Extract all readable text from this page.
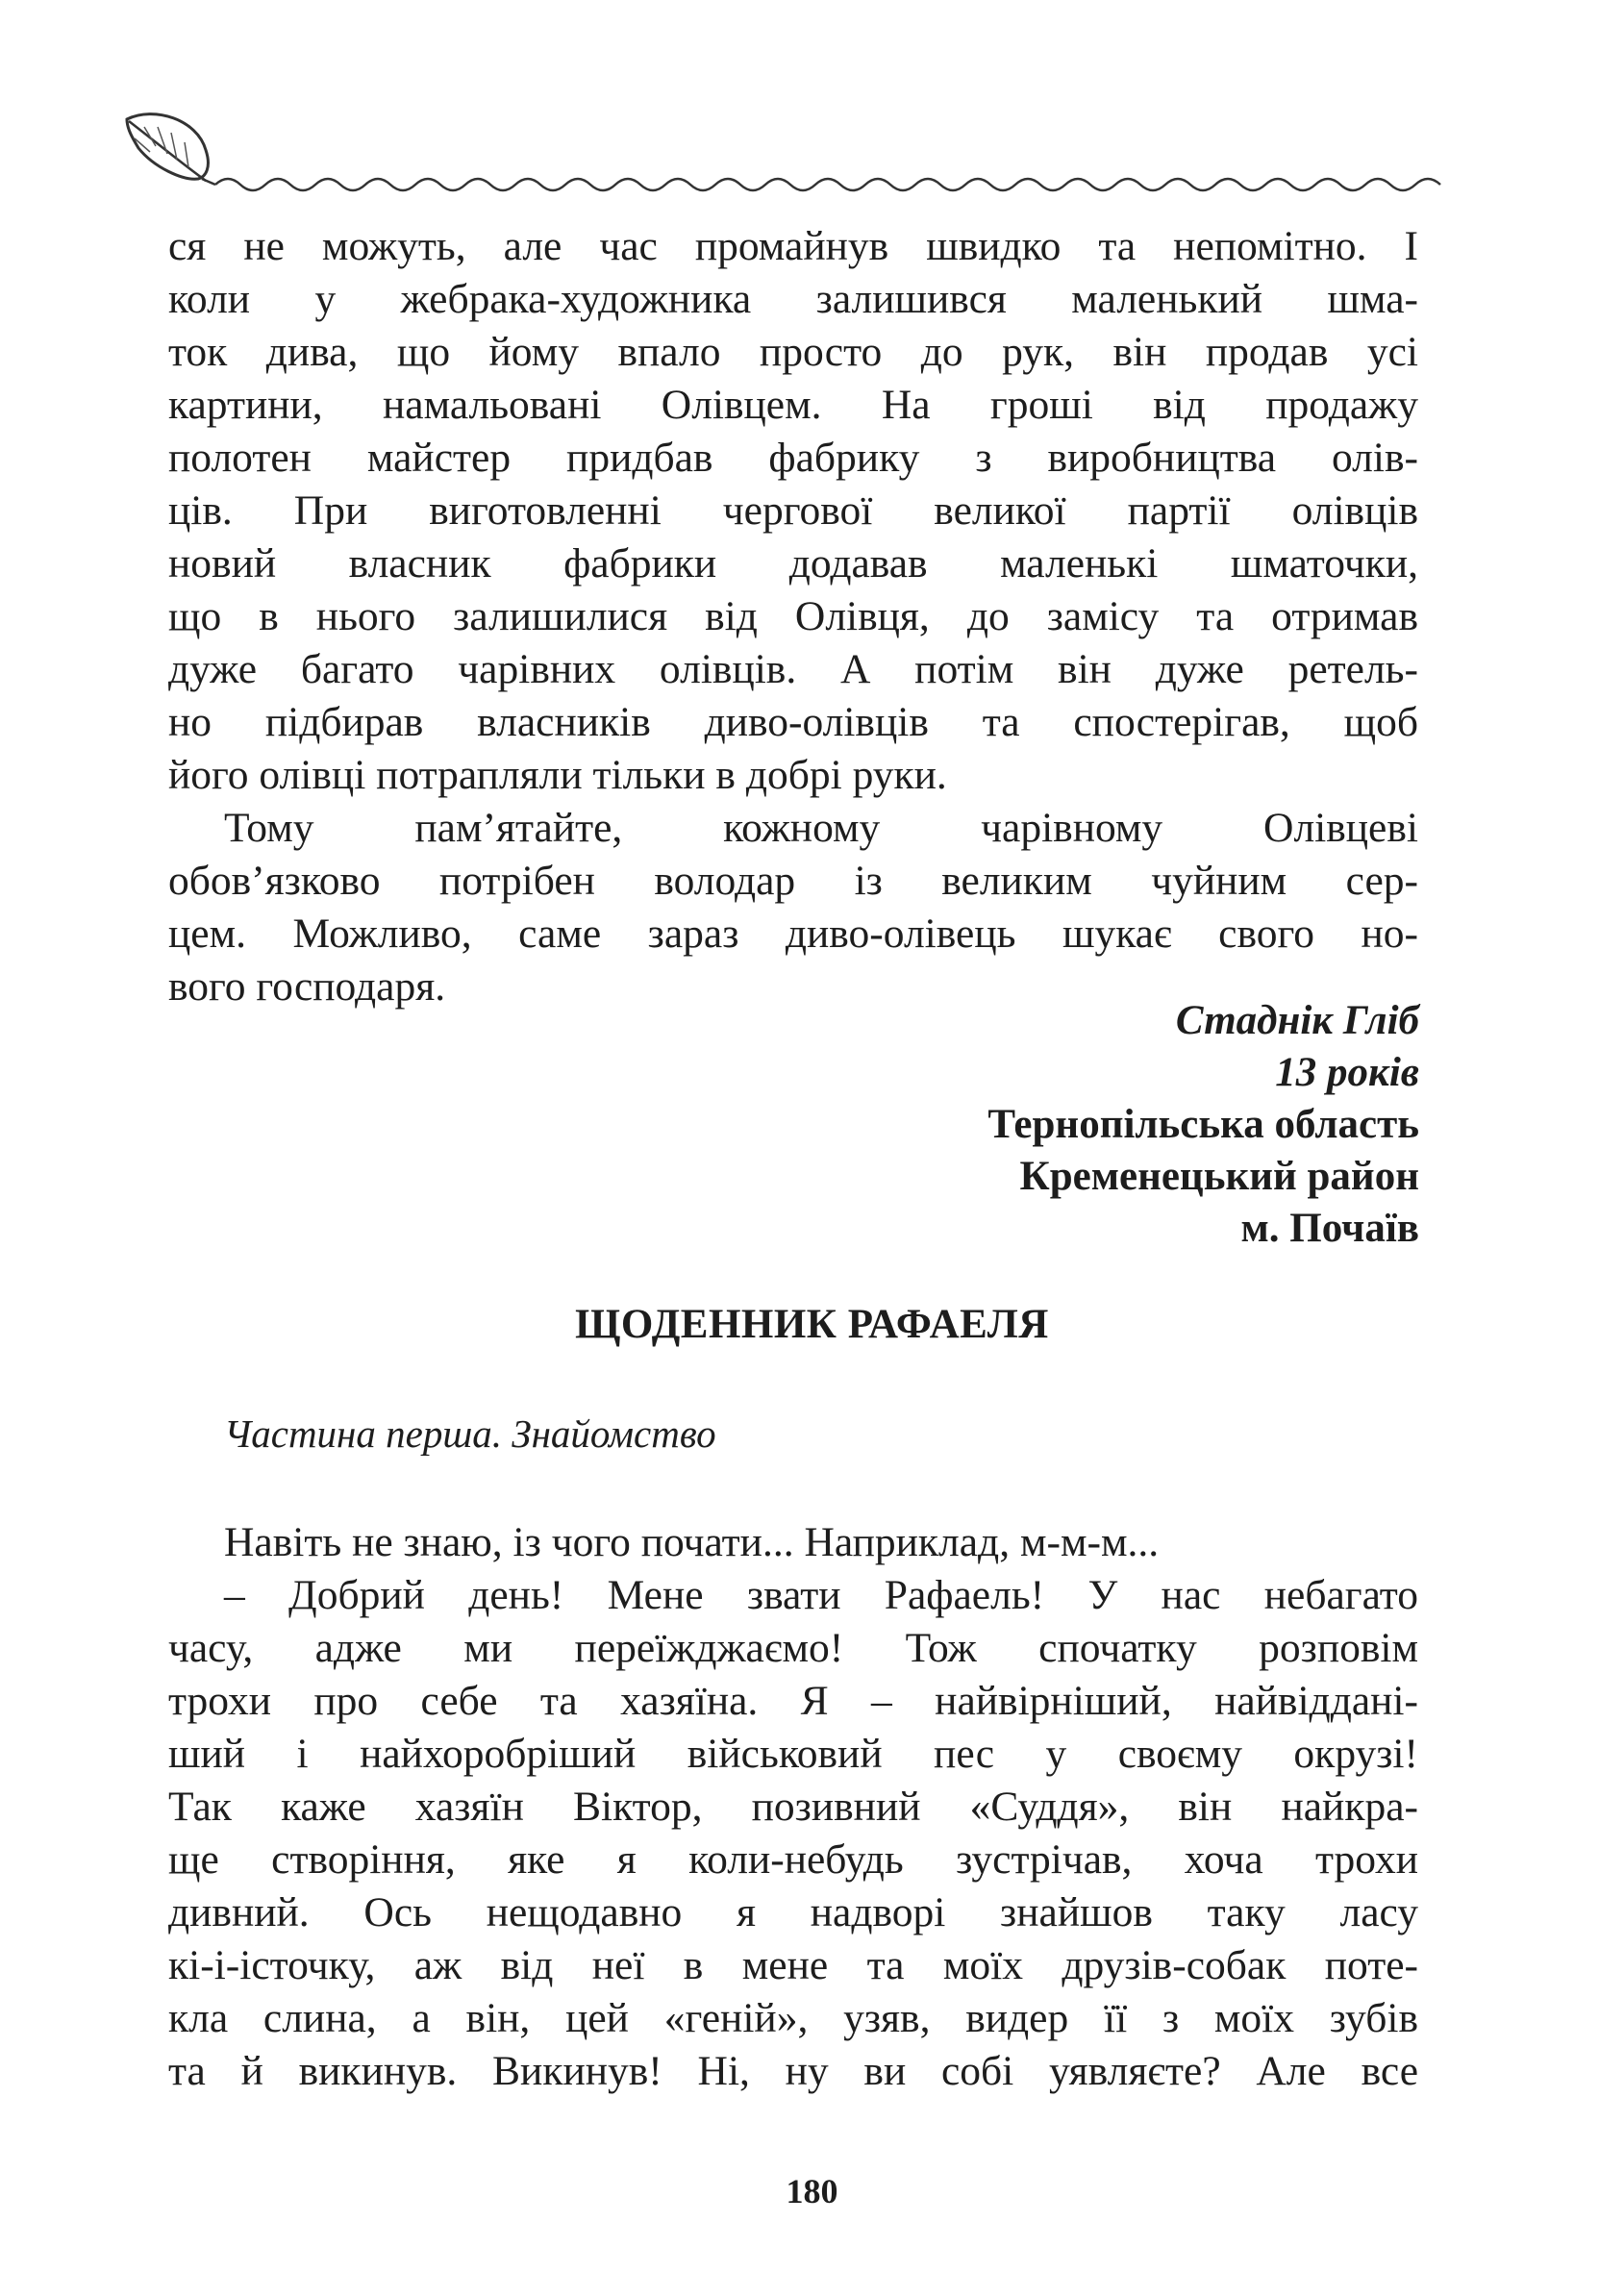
ся не можуть, але час промайнув швидко та непомітно. І
коли у жебрака-художника залишився маленький шма-
ток дива, що йому впало просто до рук, він продав усі
картини, намальовані Олівцем. На гроші від продажу
полотен майстер придбав фабрику з виробництва олів-
ців. При виготовленні чергової великої партії олівців
новий власник фабрики додавав маленькі шматочки,
що в нього залишилися від Олівця, до замісу та отримав
дуже багато чарівних олівців. А потім він дуже ретель-
но підбирав власників диво-олівців та спостерігав, щоб
його олівці потрапляли тільки в добрі руки.
Тому пам’ятайте, кожному чарівному Олівцеві
обов’язково потрібен володар із великим чуйним сер-
цем. Можливо, саме зараз диво-олівець шукає свого но-
вого господаря.
Стаднік Гліб
13 років
Тернопільська область
Кременецький район
м. Почаїв
ЩОДЕННИК РАФАЕЛЯ
Частина перша. Знайомство
Навіть не знаю, із чого почати... Наприклад, м-м-м...
– Добрий день! Мене звати Рафаель! У нас небагато
часу, адже ми переїжджаємо! Тож спочатку розповім
трохи про себе та хазяїна. Я – найвірніший, найвіддані-
ший і найхоробріший військовий пес у своєму окрузі!
Так каже хазяїн Віктор, позивний «Суддя», він найкра-
ще створіння, яке я коли-небудь зустрічав, хоча трохи
дивний. Ось нещодавно я надворі знайшов таку ласу
кі-і-істочку, аж від неї в мене та моїх друзів-собак поте-
кла слина, а він, цей «геній», узяв, видер її з моїх зубів
та й викинув. Викинув! Ні, ну ви собі уявляєте? Але все
180
